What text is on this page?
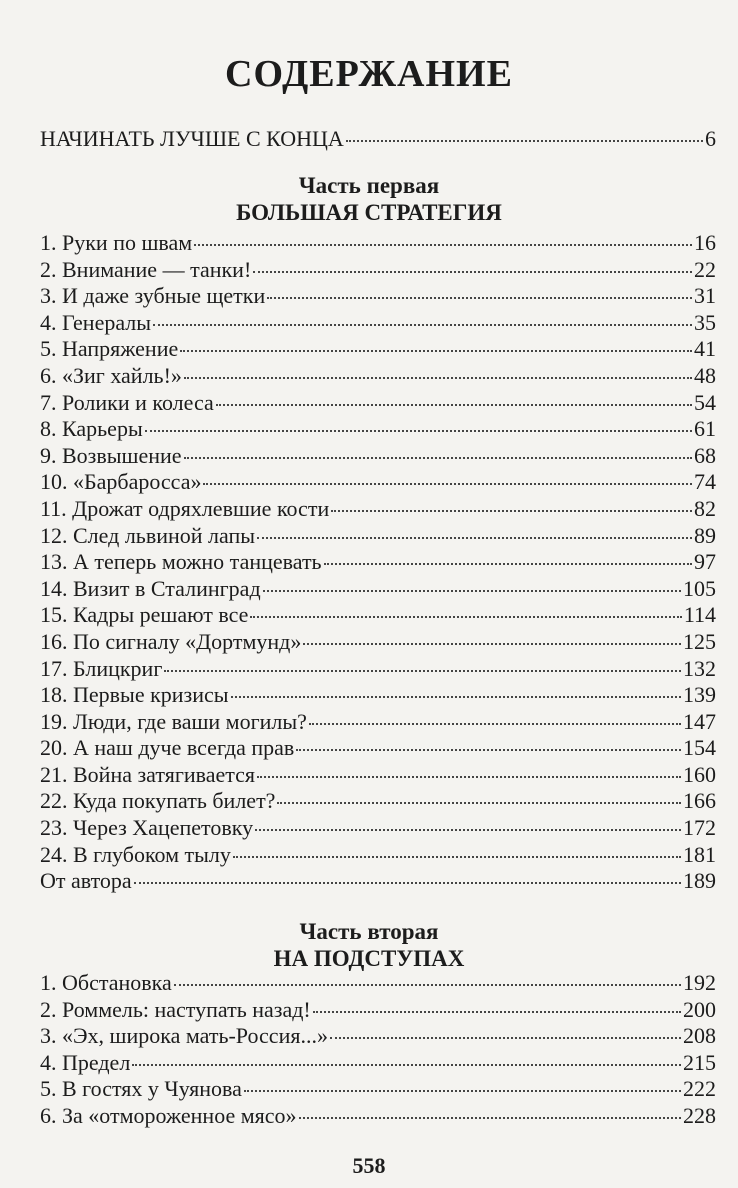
СОДЕРЖАНИЕ
НАЧИНАТЬ ЛУЧШЕ С КОНЦА	6
Часть первая
БОЛЬШАЯ СТРАТЕГИЯ
1. Руки по швам	16
2. Внимание — танки!	22
3. И даже зубные щетки	31
4. Генералы	35
5. Напряжение	41
6. «Зиг хайль!»	48
7. Ролики и колеса	54
8. Карьеры	61
9. Возвышение	68
10. «Барбаросса»	74
11. Дрожат одряхлевшие кости	82
12. След львиной лапы	89
13. А теперь можно танцевать	97
14. Визит в Сталинград	105
15. Кадры решают все	114
16. По сигналу «Дортмунд»	125
17. Блицкриг	132
18. Первые кризисы	139
19. Люди, где ваши могилы?	147
20. А наш дуче всегда прав	154
21. Война затягивается	160
22. Куда покупать билет?	166
23. Через Хацепетовку	172
24. В глубоком тылу	181
От автора	189
Часть вторая
НА ПОДСТУПАХ
1. Обстановка	192
2. Роммель: наступать назад!	200
3. «Эх, широка мать-Россия...»	208
4. Предел	215
5. В гостях у Чуянова	222
6. За «отмороженное мясо»	228
558
